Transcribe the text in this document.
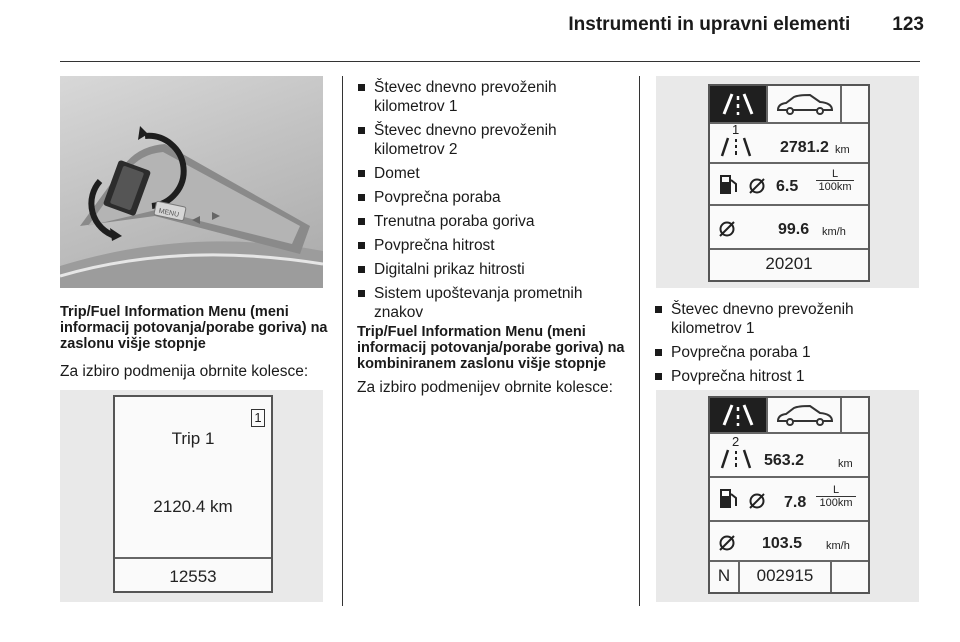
Instrumenti in upravni elementi 123
MENU

Trip/Fuel Information Menu (meni informacij potovanja/porabe goriva) na zaslonu višje stopnje

Za izbiro podmenija obrnite kolesce:

1
Trip 1
2120.4 km
12553
Števec dnevno prevoženih kilometrov 1
Števec dnevno prevoženih kilometrov 2
Domet
Povprečna poraba
Trenutna poraba goriva
Povprečna hitrost
Digitalni prikaz hitrosti
Sistem upoštevanja prometnih znakov

Trip/Fuel Information Menu (meni informacij potovanja/porabe goriva) na kombiniranem zaslonu višje stopnje

Za izbiro podmenijev obrnite kolesce:

1
2781.2 km
6.5
L
100km
99.6 km/h
20201
Števec dnevno prevoženih kilometrov 1
Povprečna poraba 1
Povprečna hitrost 1
2
563.2	km
7.8
L
100km
103.5 km/h
N	002915
